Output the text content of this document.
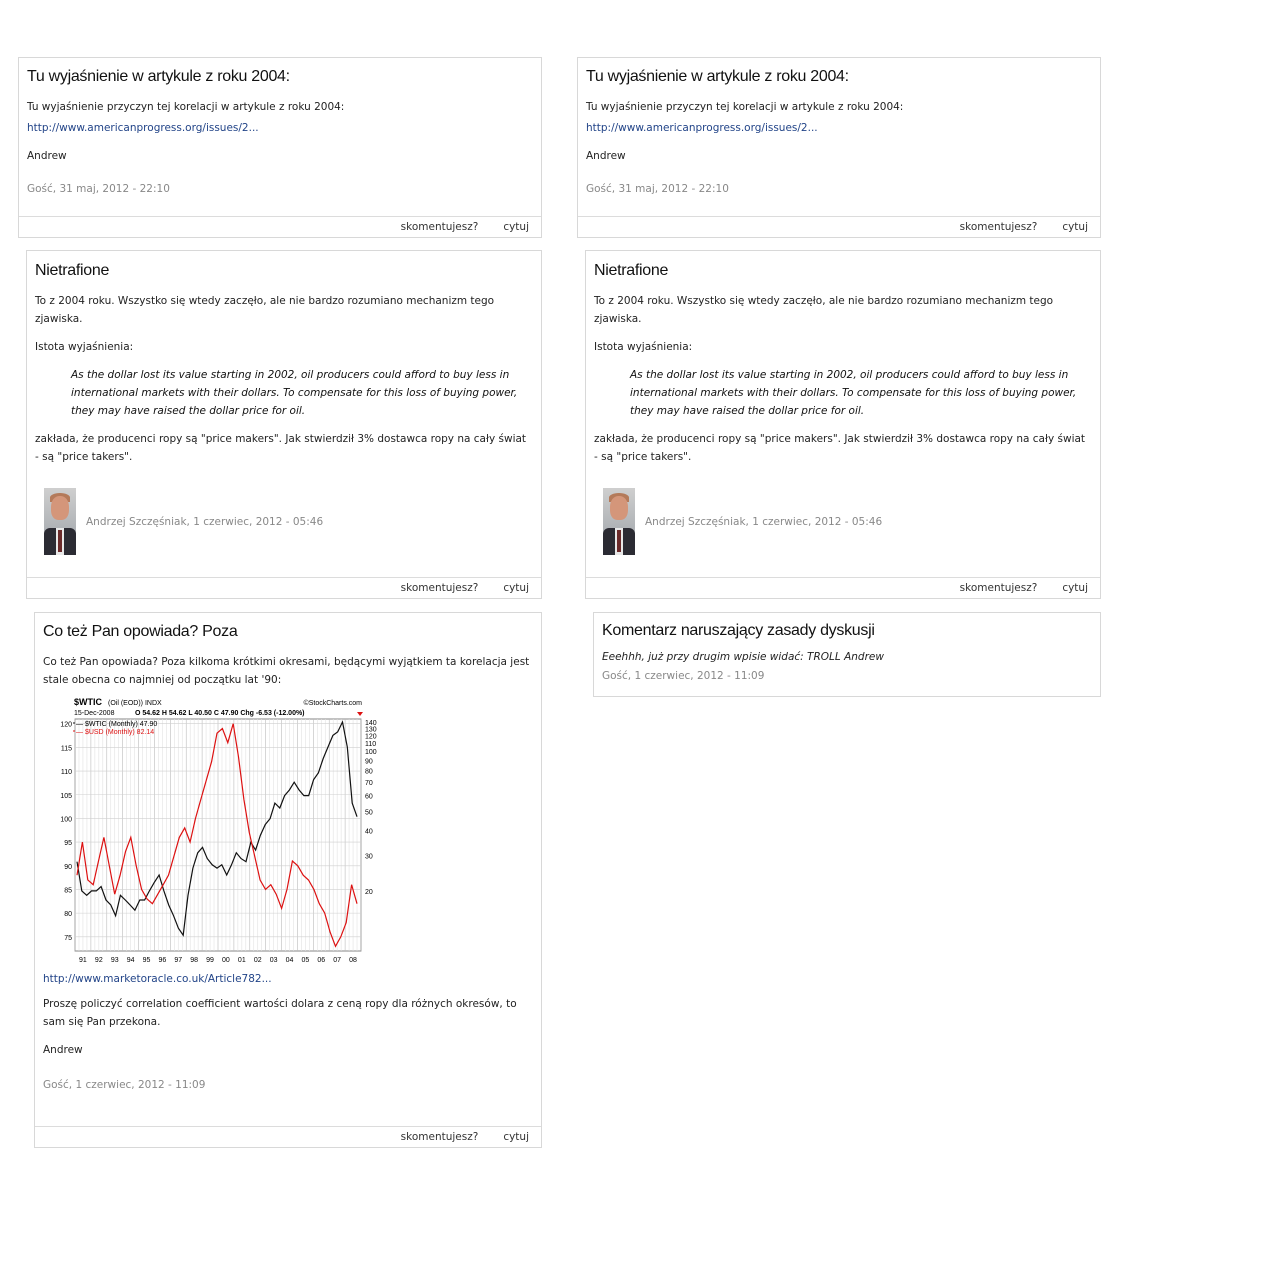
Tu wyjaśnienie w artykule z roku 2004:
Tu wyjaśnienie przyczyn tej korelacji w artykule z roku 2004:
http://www.americanprogress.org/issues/2...
Andrew
Gość, 31 maj, 2012 - 22:10
skomentujesz? cytuj
Tu wyjaśnienie w artykule z roku 2004:
Tu wyjaśnienie przyczyn tej korelacji w artykule z roku 2004:
http://www.americanprogress.org/issues/2...
Andrew
Gość, 31 maj, 2012 - 22:10
skomentujesz? cytuj
Nietrafione
To z 2004 roku. Wszystko się wtedy zaczęło, ale nie bardzo rozumiano mechanizm tego zjawiska.
Istota wyjaśnienia:
As the dollar lost its value starting in 2002, oil producers could afford to buy less in international markets with their dollars. To compensate for this loss of buying power, they may have raised the dollar price for oil.
zakłada, że producenci ropy są "price makers". Jak stwierdził 3% dostawca ropy na cały świat - są "price takers".
Andrzej Szczęśniak, 1 czerwiec, 2012 - 05:46
skomentujesz? cytuj
Nietrafione
To z 2004 roku. Wszystko się wtedy zaczęło, ale nie bardzo rozumiano mechanizm tego zjawiska.
Istota wyjaśnienia:
As the dollar lost its value starting in 2002, oil producers could afford to buy less in international markets with their dollars. To compensate for this loss of buying power, they may have raised the dollar price for oil.
zakłada, że producenci ropy są "price makers". Jak stwierdził 3% dostawca ropy na cały świat - są "price takers".
Andrzej Szczęśniak, 1 czerwiec, 2012 - 05:46
skomentujesz? cytuj
Co też Pan opowiada? Poza
Co też Pan opowiada? Poza kilkoma krótkimi okresami, będącymi wyjątkiem ta korelacja jest stale obecna co najmniej od początku lat '90:
$WTIC (Oil (EOD)) INDX	©StockCharts.com
15-Dec-2008	O 54.62 H 54.62 L 40.50 C 47.90 Chg -6.53 (-12.00%)
120
115
110
105
100
95
90
85
80
75
140
130
120
110
100
90
80
70
60
50
40
30
20
91 92 93 94 95 96 97 98 99 00 01 02 03 04 05 06 07 08
— $WTIC (Monthly) 47.90
— $USD (Monthly) 82.14
http://www.marketoracle.co.uk/Article782...
Proszę policzyć correlation coefficient wartości dolara z ceną ropy dla różnych okresów, to sam się Pan przekona.
Andrew
Gość, 1 czerwiec, 2012 - 11:09
skomentujesz? cytuj
Komentarz naruszający zasady dyskusji
Eeehhh, już przy drugim wpisie widać: TROLL Andrew
Gość, 1 czerwiec, 2012 - 11:09
